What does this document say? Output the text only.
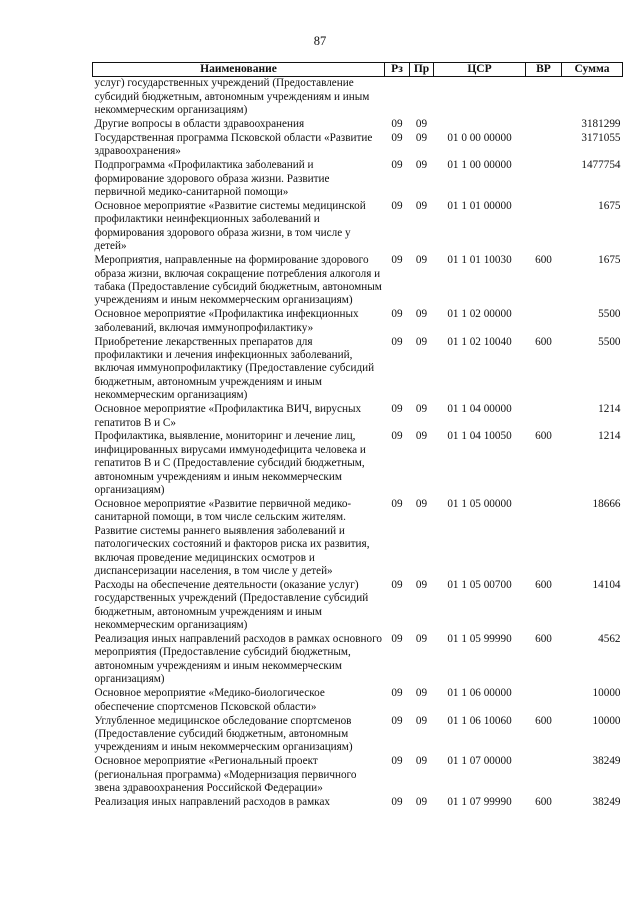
87
Наименование	Рз	Пр	ЦСР	ВР	Сумма
услуг) государственных учреждений (Предоставление субсидий бюджетным, автономным учреждениям и иным некоммерческим организациям)					
Другие вопросы в области здравоохранения	09	09			3181299
Государственная программа Псковской области «Развитие здравоохранения»	09	09	01 0 00 00000		3171055
Подпрограмма «Профилактика заболеваний и формирование здорового образа жизни. Развитие первичной медико-санитарной помощи»	09	09	01 1 00 00000		1477754
Основное мероприятие «Развитие системы медицинской профилактики неинфекционных заболеваний и формирования здорового образа жизни, в том числе у детей»	09	09	01 1 01 00000		1675
Мероприятия, направленные на формирование здорового образа жизни, включая сокращение потребления алкоголя и табака (Предоставление субсидий бюджетным, автономным учреждениям и иным некоммерческим организациям)	09	09	01 1 01 10030	600	1675
Основное мероприятие «Профилактика инфекционных заболеваний, включая иммунопрофилактику»	09	09	01 1 02 00000		5500
Приобретение лекарственных препаратов для профилактики и лечения инфекционных заболеваний, включая иммунопрофилактику (Предоставление субсидий бюджетным, автономным учреждениям и иным некоммерческим организациям)	09	09	01 1 02 10040	600	5500
Основное мероприятие «Профилактика ВИЧ, вирусных гепатитов В и С»	09	09	01 1 04 00000		1214
Профилактика, выявление, мониторинг и лечение лиц, инфицированных вирусами иммунодефицита человека и гепатитов В и С (Предоставление субсидий бюджетным, автономным учреждениям и иным некоммерческим организациям)	09	09	01 1 04 10050	600	1214
Основное мероприятие «Развитие первичной медико-санитарной помощи, в том числе сельским жителям. Развитие системы раннего выявления заболеваний и патологических состояний и факторов риска их развития, включая проведение медицинских осмотров и диспансеризации населения, в том числе у детей»	09	09	01 1 05 00000		18666
Расходы на обеспечение деятельности (оказание услуг) государственных учреждений (Предоставление субсидий бюджетным, автономным учреждениям и иным некоммерческим организациям)	09	09	01 1 05 00700	600	14104
Реализация иных направлений расходов в рамках основного мероприятия (Предоставление субсидий бюджетным, автономным учреждениям и иным некоммерческим организациям)	09	09	01 1 05 99990	600	4562
Основное мероприятие «Медико-биологическое обеспечение спортсменов Псковской области»	09	09	01 1 06 00000		10000
Углубленное медицинское обследование спортсменов (Предоставление субсидий бюджетным, автономным учреждениям и иным некоммерческим организациям)	09	09	01 1 06 10060	600	10000
Основное мероприятие «Региональный проект (региональная программа) «Модернизация первичного звена здравоохранения Российской Федерации»	09	09	01 1 07 00000		38249
Реализация иных направлений расходов в рамках	09	09	01 1 07 99990	600	38249
